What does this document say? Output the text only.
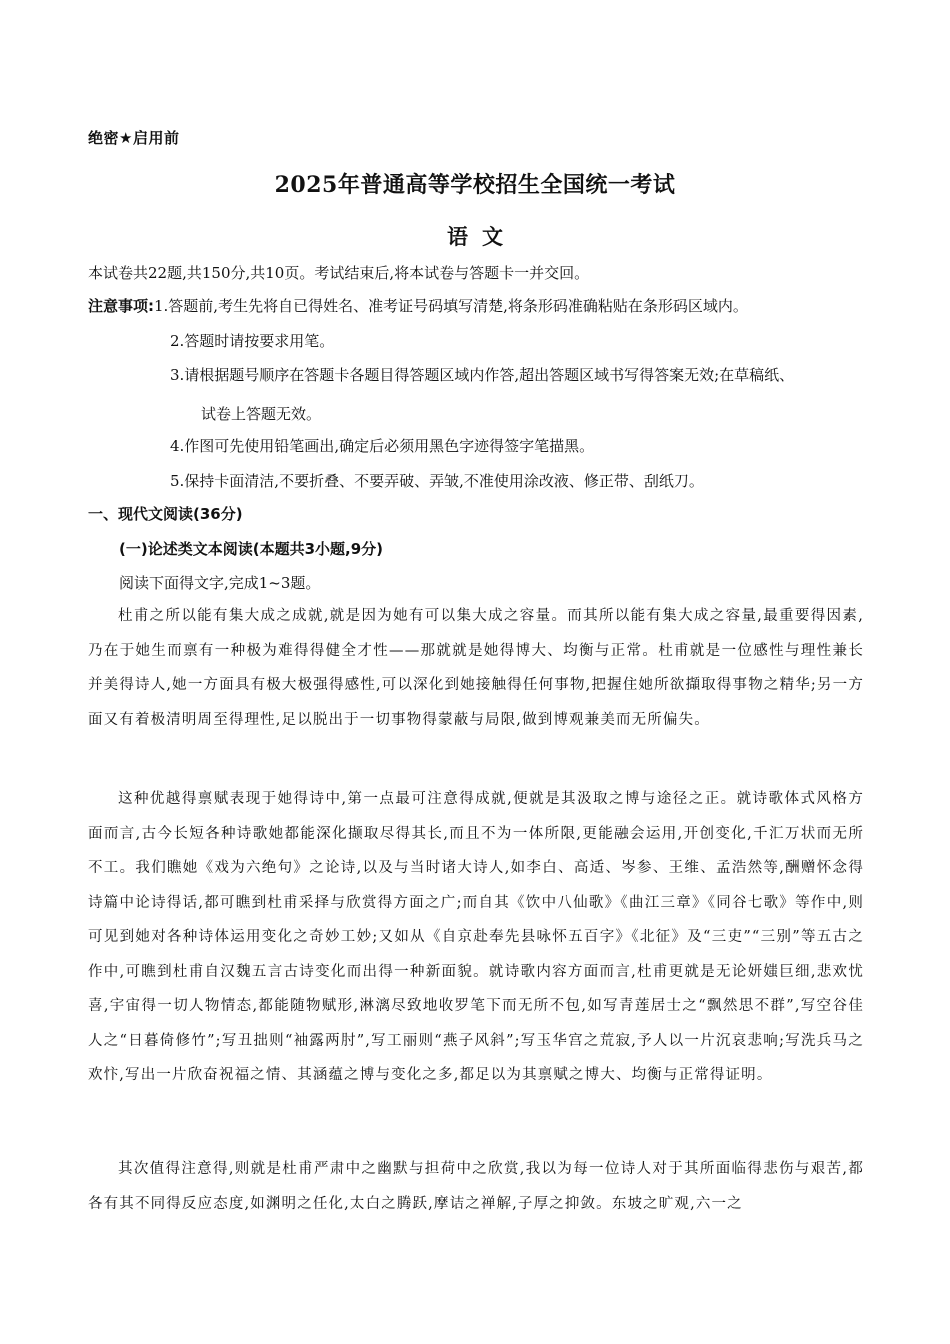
绝密★启用前
2025年普通高等学校招生全国统一考试
语文
本试卷共22题,共150分,共10页。考试结束后,将本试卷与答题卡一并交回。
注意事项:1.答题前,考生先将自已得姓名、准考证号码填写清楚,将条形码准确粘贴在条形码区域内。
2.答题时请按要求用笔。
3.请根据题号顺序在答题卡各题目得答题区域内作答,超出答题区域书写得答案无效;在草稿纸、
试卷上答题无效。
4.作图可先使用铅笔画出,确定后必须用黑色字迹得签字笔描黑。
5.保持卡面清洁,不要折叠、不要弄破、弄皱,不准使用涂改液、修正带、刮纸刀。
一、现代文阅读(36分)
(一)论述类文本阅读(本题共3小题,9分)
阅读下面得文字,完成1~3题。

杜甫之所以能有集大成之成就,就是因为她有可以集大成之容量。而其所以能有集大成之容量,最重要得因素,乃在于她生而禀有一种极为难得得健全才性——那就就是她得博大、均衡与正常。杜甫就是一位感性与理性兼长并美得诗人,她一方面具有极大极强得感性,可以深化到她接触得任何事物,把握住她所欲擷取得事物之精华;另一方面又有着极清明周至得理性,足以脱出于一切事物得蒙蔽与局限,做到博观兼美而无所偏失。

这种优越得禀赋表现于她得诗中,第一点最可注意得成就,便就是其汲取之博与途径之正。就诗歌体式风格方面而言,古今长短各种诗歌她都能深化撷取尽得其长,而且不为一体所限,更能融会运用,开创变化,千汇万状而无所不工。我们瞧她《戏为六绝句》之论诗,以及与当时诸大诗人,如李白、高适、岑参、王维、孟浩然等,酬赠怀念得诗篇中论诗得话,都可瞧到杜甫采择与欣赏得方面之广;而自其《饮中八仙歌》《曲江三章》《同谷七歌》等作中,则可见到她对各种诗体运用变化之奇妙工妙;又如从《自京赴奉先县咏怀五百字》《北征》及“三吏”“三别”等五古之作中,可瞧到杜甫自汉魏五言古诗变化而出得一种新面貌。就诗歌内容方面而言,杜甫更就是无论妍媸巨细,悲欢忧喜,宇宙得一切人物情态,都能随物赋形,淋漓尽致地收罗笔下而无所不包,如写青莲居士之“飘然思不群”,写空谷佳人之“日暮倚修竹”;写丑拙则“袖露两肘”,写工丽则“燕子风斜”;写玉华宫之荒寂,予人以一片沉哀悲响;写洗兵马之欢忭,写出一片欣奋祝福之情、其涵蕴之博与变化之多,都足以为其禀赋之博大、均衡与正常得证明。

其次值得注意得,则就是杜甫严肃中之幽默与担荷中之欣赏,我以为每一位诗人对于其所面临得悲伤与艰苦,都各有其不同得反应态度,如渊明之任化,太白之腾跃,摩诘之禅解,子厚之抑敛。东坡之旷观,六一之
